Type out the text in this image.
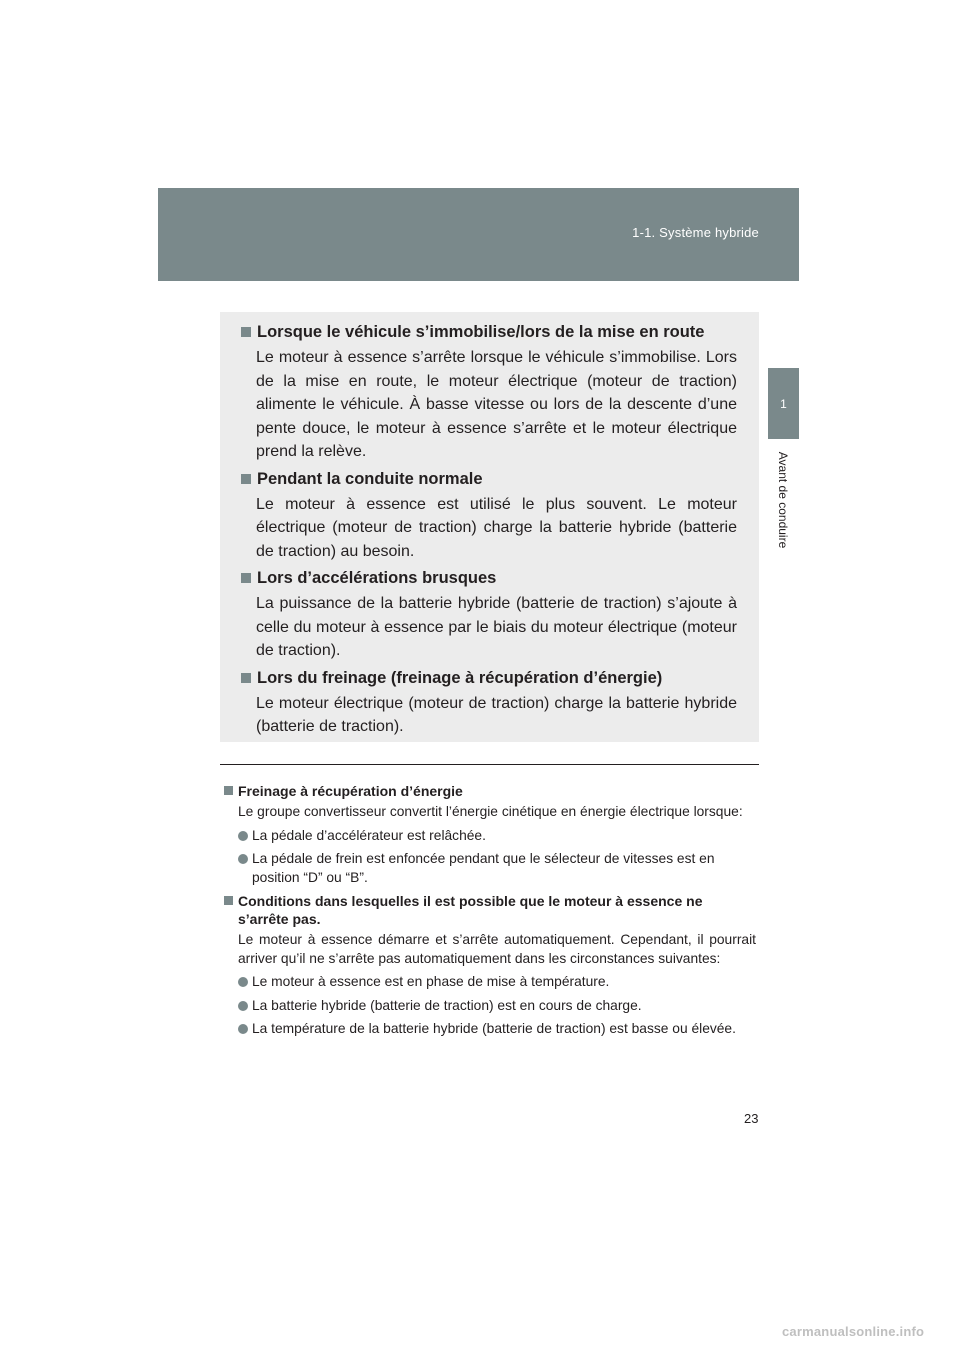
1-1. Système hybride
1
Avant de conduire
Lorsque le véhicule s’immobilise/lors de la mise en route

Le moteur à essence s’arrête lorsque le véhicule s’immobilise. Lors de la mise en route, le moteur électrique (moteur de traction) alimente le véhicule. À basse vitesse ou lors de la descente d’une pente douce, le moteur à essence s’arrête et le moteur électrique prend la relève.

Pendant la conduite normale

Le moteur à essence est utilisé le plus souvent. Le moteur électrique (moteur de traction) charge la batterie hybride (batterie de traction) au besoin.

Lors d’accélérations brusques

La puissance de la batterie hybride (batterie de traction) s’ajoute à celle du moteur à essence par le biais du moteur électrique (moteur de traction).

Lors du freinage (freinage à récupération d’énergie)

Le moteur électrique (moteur de traction) charge la batterie hybride (batterie de traction).

Freinage à récupération d’énergie

Le groupe convertisseur convertit l’énergie cinétique en énergie électrique lorsque:

La pédale d’accélérateur est relâchée.
La pédale de frein est enfoncée pendant que le sélecteur de vitesses est en position “D” ou “B”.
Conditions dans lesquelles il est possible que le moteur à essence ne s’arrête pas.

Le moteur à essence démarre et s’arrête automatiquement. Cependant, il pourrait arriver qu’il ne s’arrête pas automatiquement dans les circonstances suivantes:

Le moteur à essence est en phase de mise à température.
La batterie hybride (batterie de traction) est en cours de charge.
La température de la batterie hybride (batterie de traction) est basse ou élevée.
23
carmanualsonline.info
